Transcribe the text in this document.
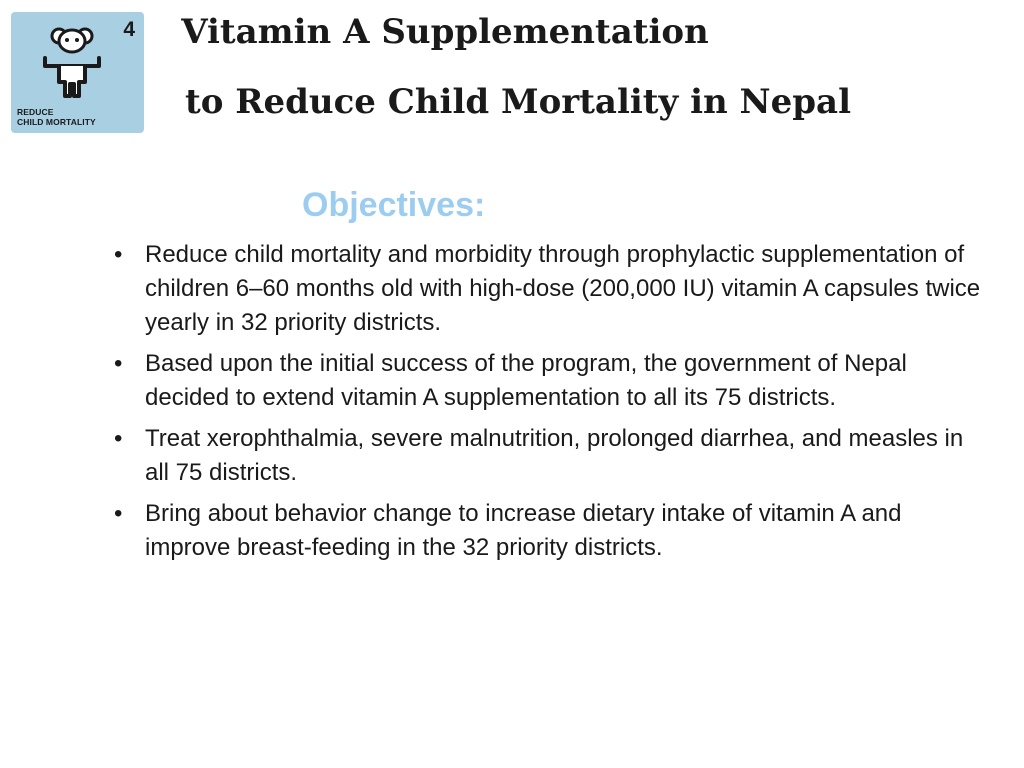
4
REDUCE
CHILD MORTALITY
Vitamin A Supplementation
to Reduce Child Mortality in Nepal
Objectives:
• Reduce child mortality and morbidity through prophylactic supplementation of children 6–60 months old with high-dose (200,000 IU) vitamin A capsules twice yearly in 32 priority districts.
• Based upon the initial success of the program, the government of Nepal decided to extend vitamin A supplementation to all its 75 districts.
• Treat xerophthalmia, severe malnutrition, prolonged diarrhea, and measles in all 75 districts.
• Bring about behavior change to increase dietary intake of vitamin A and improve breast-feeding in the 32 priority districts.
